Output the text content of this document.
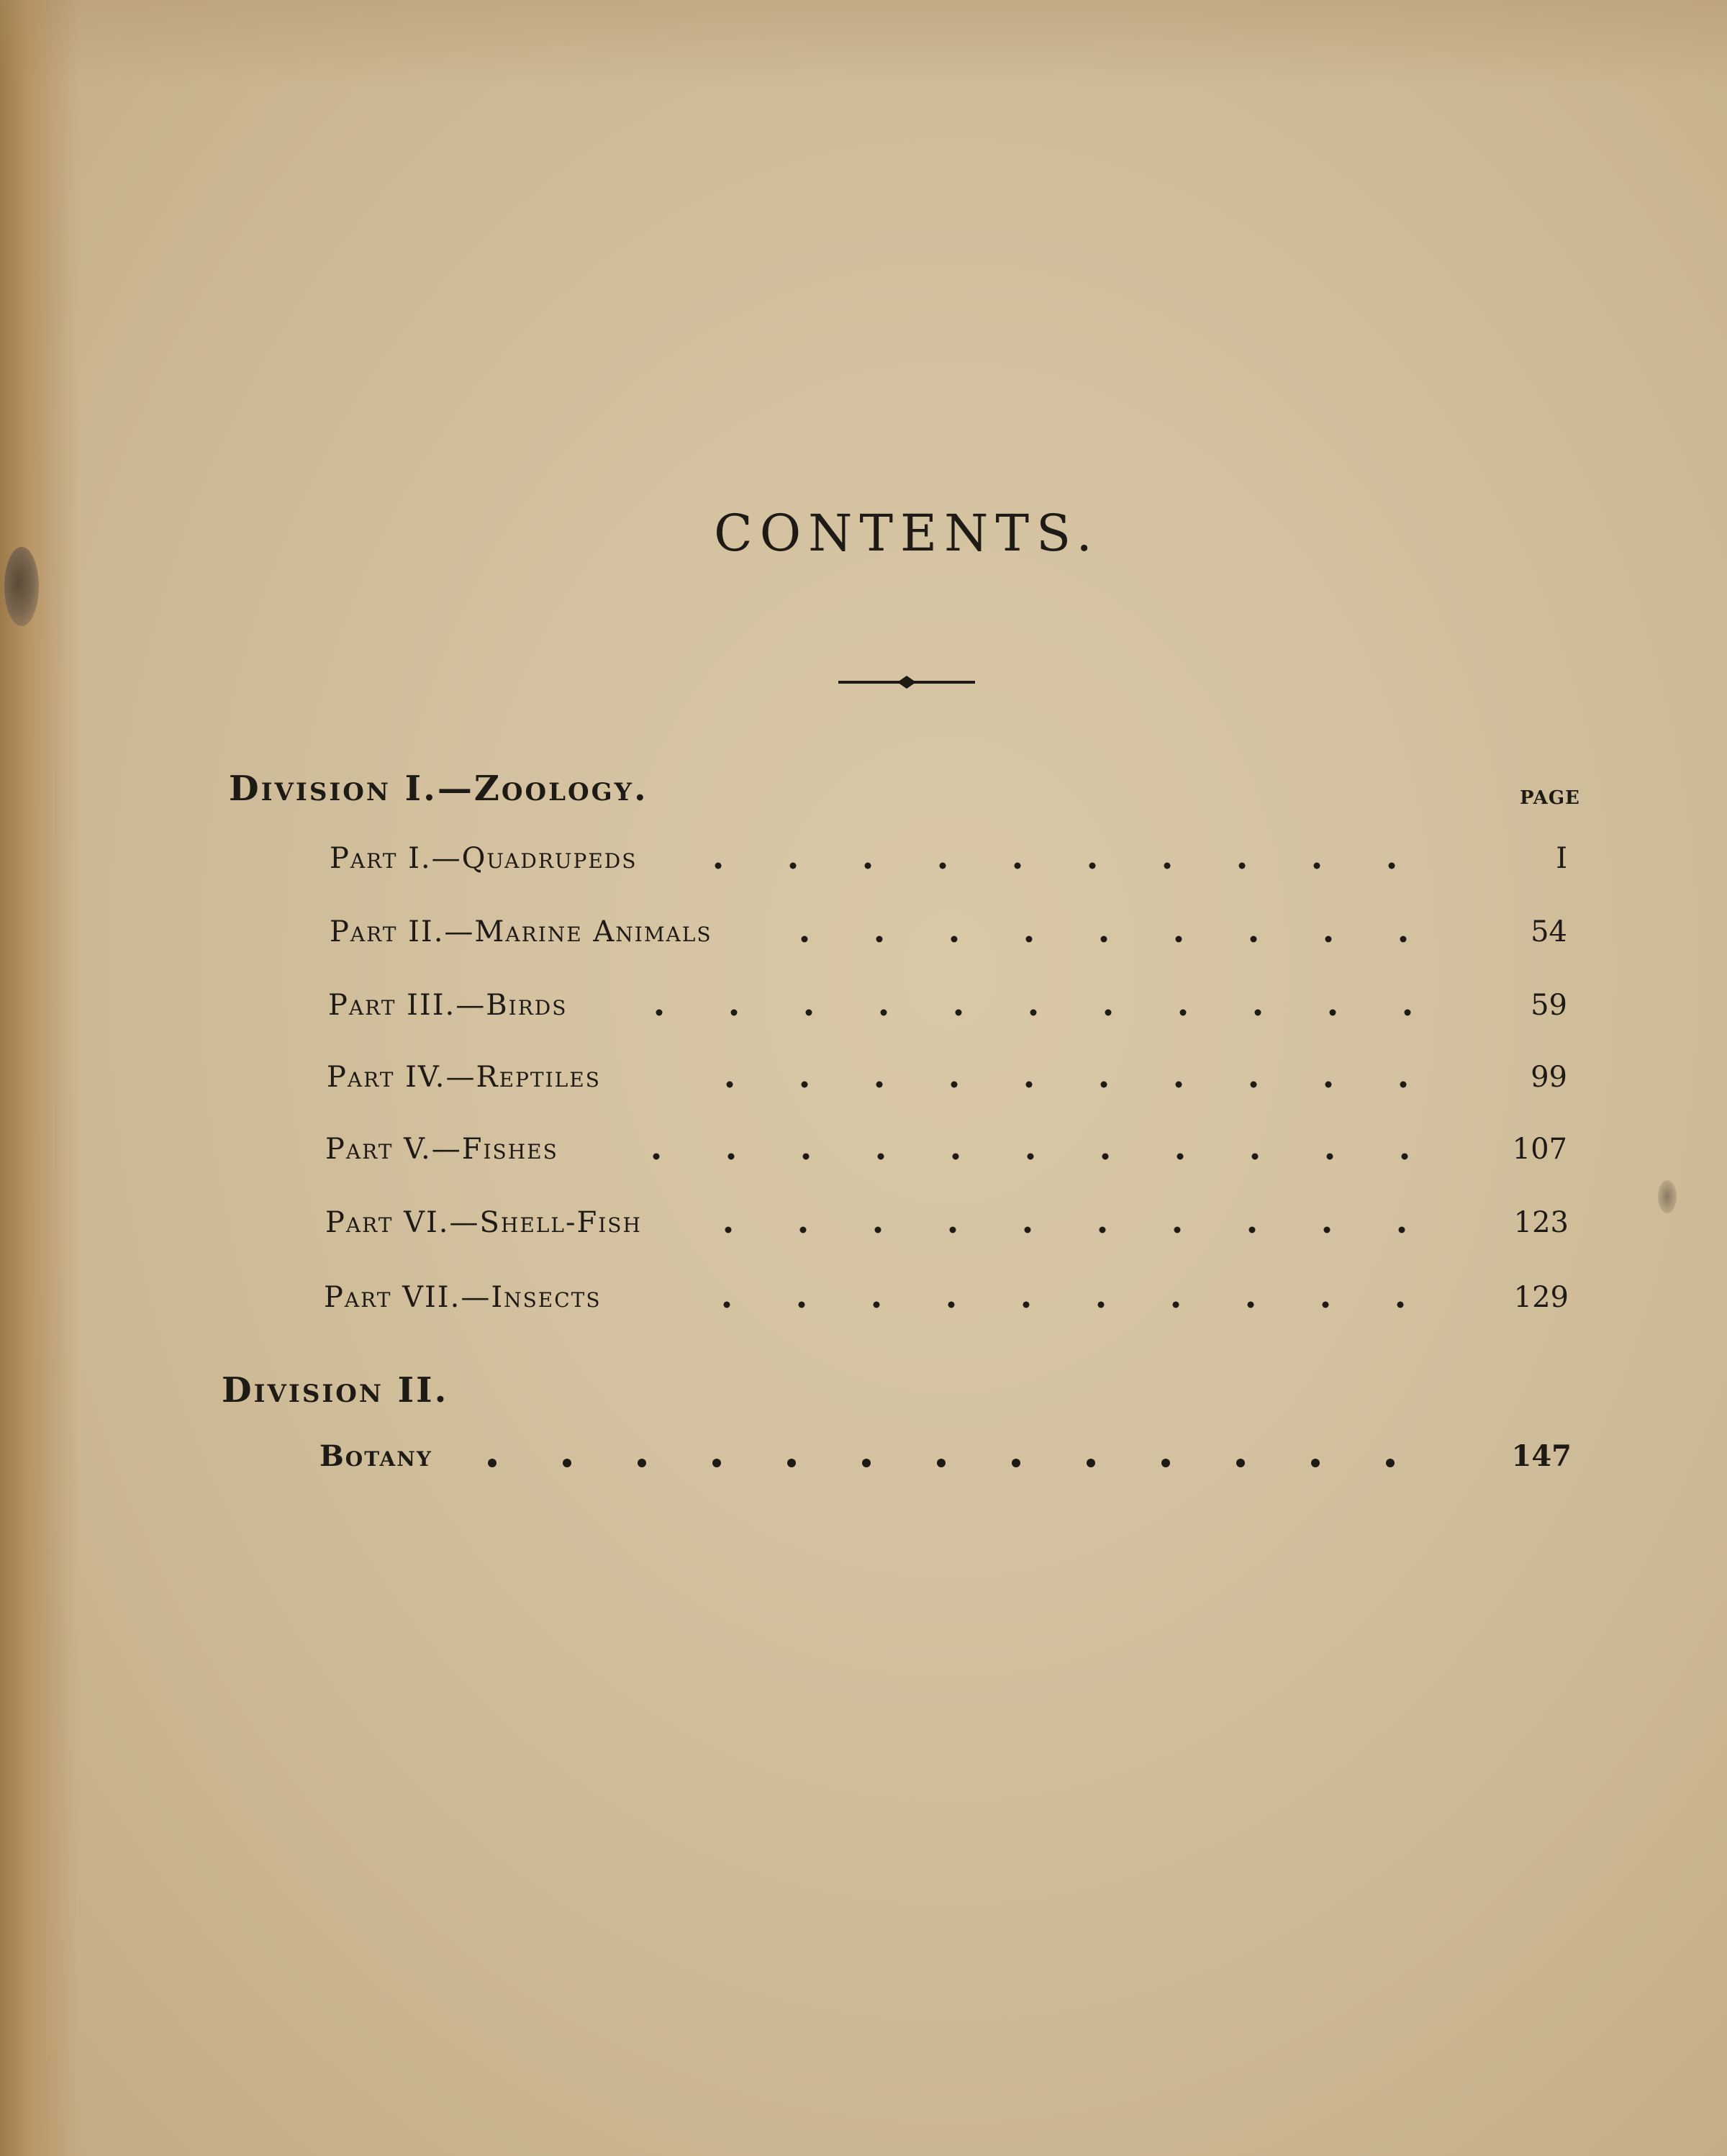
CONTENTS.
Division I.—Zoology.	PAGE
Part I.—Quadrupeds	I
Part II.—Marine Animals	54
Part III.—Birds	59
Part IV.—Reptiles	99
Part V.—Fishes	107
Part VI.—Shell-Fish	123
Part VII.—Insects	129
Division II.
Botany	147
